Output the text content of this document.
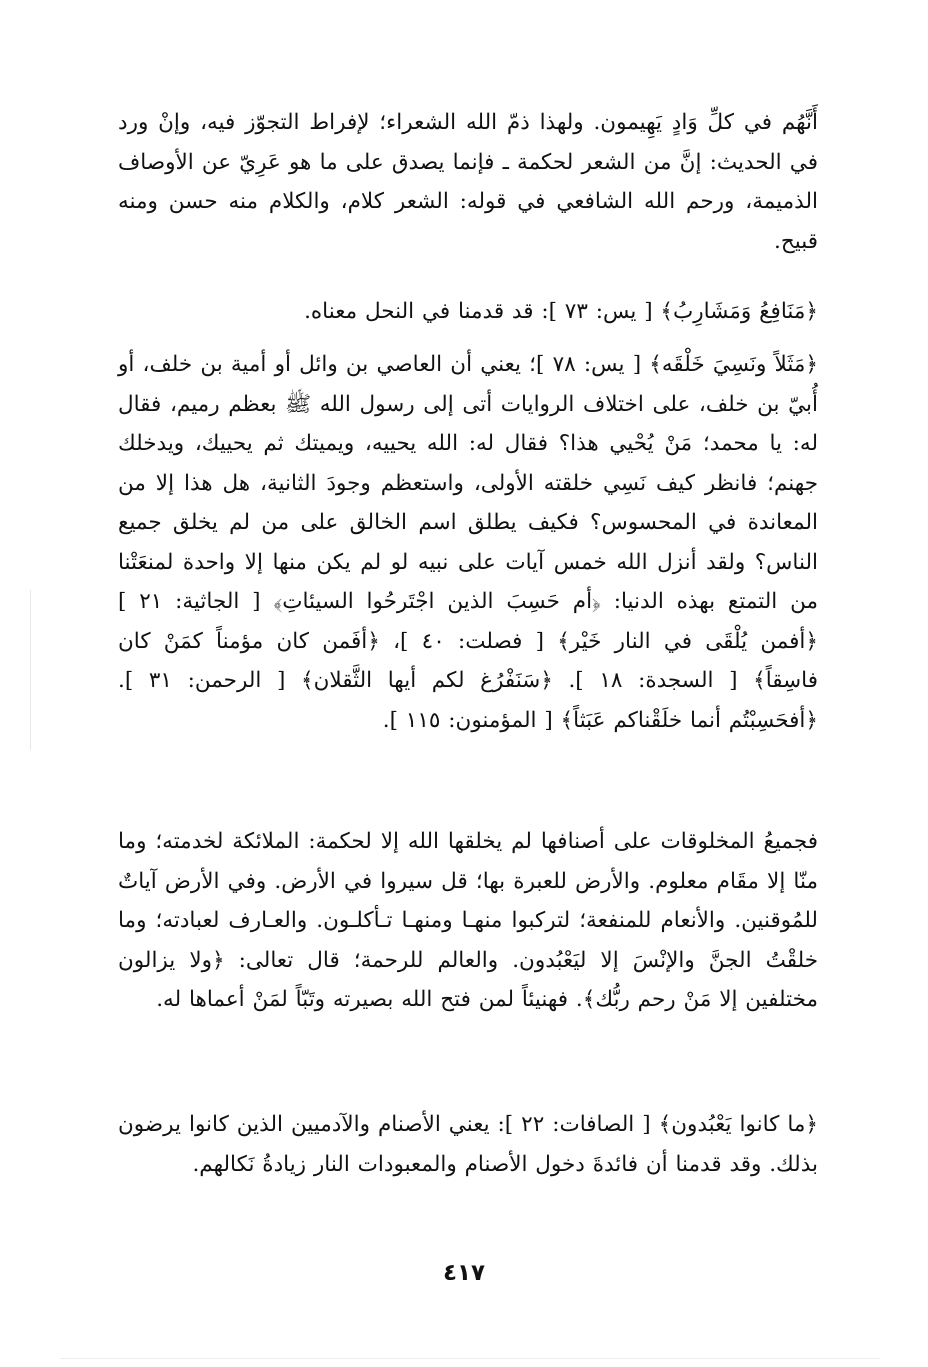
أَنَّهُم في كلِّ وَادٍ يَهِيمون. ولهذا ذمّ الله الشعراء؛ لإفراط التجوّز فيه، وإنْ ورد في الحديث: إنَّ من الشعر لحكمة ـ فإنما يصدق على ما هو عَرِيّ عن الأوصاف الذميمة، ورحم الله الشافعي في قوله: الشعر كلام، والكلام منه حسن ومنه قبيح.

﴿مَنَافِعُ وَمَشَارِبُ﴾ [ يس: ٧٣ ]: قد قدمنا في النحل معناه.

﴿مَثَلاً ونَسِيَ خَلْقَه﴾ [ يس: ٧٨ ]؛ يعني أن العاصي بن وائل أو أمية بن خلف، أو أُبيّ بن خلف، على اختلاف الروايات أتى إلى رسول الله ﷺ بعظم رميم، فقال له: يا محمد؛ مَنْ يُحْيي هذا؟ فقال له: الله يحييه، ويميتك ثم يحييك، ويدخلك جهنم؛ فانظر كيف نَسِي خلقته الأولى، واستعظم وجودَ الثانية، هل هذا إلا من المعاندة في المحسوس؟ فكيف يطلق اسم الخالق على من لم يخلق جميع الناس؟ ولقد أنزل الله خمس آيات على نبيه لو لم يكن منها إلا واحدة لمنعَتْنا من التمتع بهذه الدنيا: ﴿أم حَسِبَ الذين اجْتَرحُوا السيئاتِ﴾ [ الجاثية: ٢١ ] ﴿أفمن يُلْقَى في النار خَيْر﴾ [ فصلت: ٤٠ ]، ﴿أفَمن كان مؤمناً كمَنْ كان فاسِقاً﴾ [ السجدة: ١٨ ]. ﴿سَنَفْرُغ لكم أيها الثَّقلان﴾ [ الرحمن: ٣١ ]. ﴿أفحَسِبْتُم أنما خلَقْناكم عَبَثاً﴾ [ المؤمنون: ١١٥ ].

فجميعُ المخلوقات على أصنافها لم يخلقها الله إلا لحكمة: الملائكة لخدمته؛ وما منّا إلا مقَام معلوم. والأرض للعبرة بها؛ قل سيروا في الأرض. وفي الأرض آياتٌ للمُوقنين. والأنعام للمنفعة؛ لتركبوا منهـا ومنهـا تـأكلـون. والعـارف لعبادته؛ وما خلقْتُ الجنَّ والإنْسَ إلا ليَعْبُدون. والعالم للرحمة؛ قال تعالى: ﴿ولا يزالون مختلفين إلا مَنْ رحم ربُّك﴾. فهنيئاً لمن فتح الله بصيرته وتَبّاً لمَنْ أعماها له.

﴿ما كانوا يَعْبُدون﴾ [ الصافات: ٢٢ ]: يعني الأصنام والآدميين الذين كانوا يرضون بذلك. وقد قدمنا أن فائدةَ دخول الأصنام والمعبودات النار زيادةُ نَكالهم.

٤١٧
